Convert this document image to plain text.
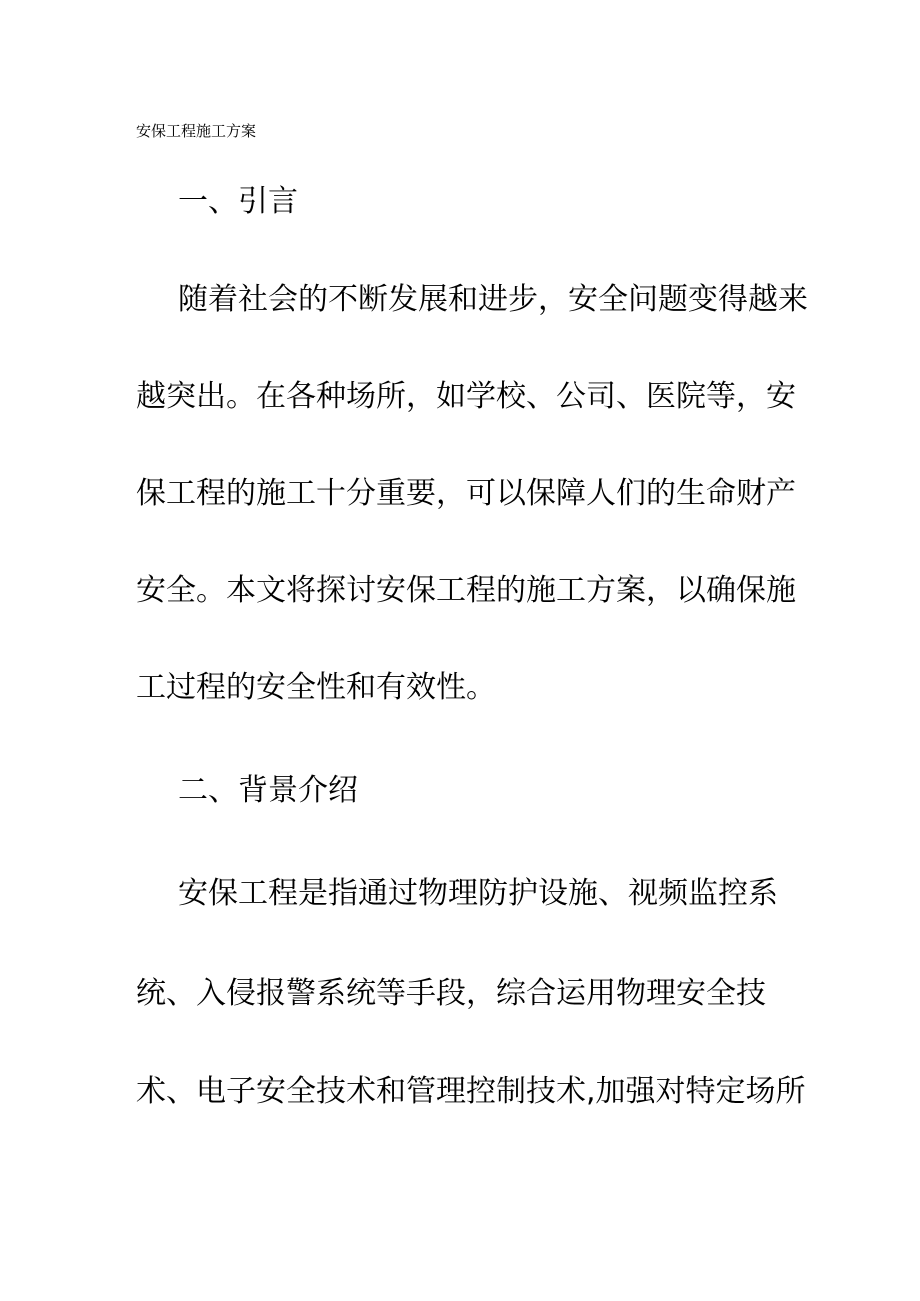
安保工程施工方案
一、引言
随着社会的不断发展和进步，安全问题变得越来
越突出。在各种场所，如学校、公司、医院等，安
保工程的施工十分重要，可以保障人们的生命财产
安全。本文将探讨安保工程的施工方案，以确保施
工过程的安全性和有效性。
二、背景介绍
安保工程是指通过物理防护设施、视频监控系
统、入侵报警系统等手段，综合运用物理安全技
术、电子安全技术和管理控制技术,加强对特定场所
